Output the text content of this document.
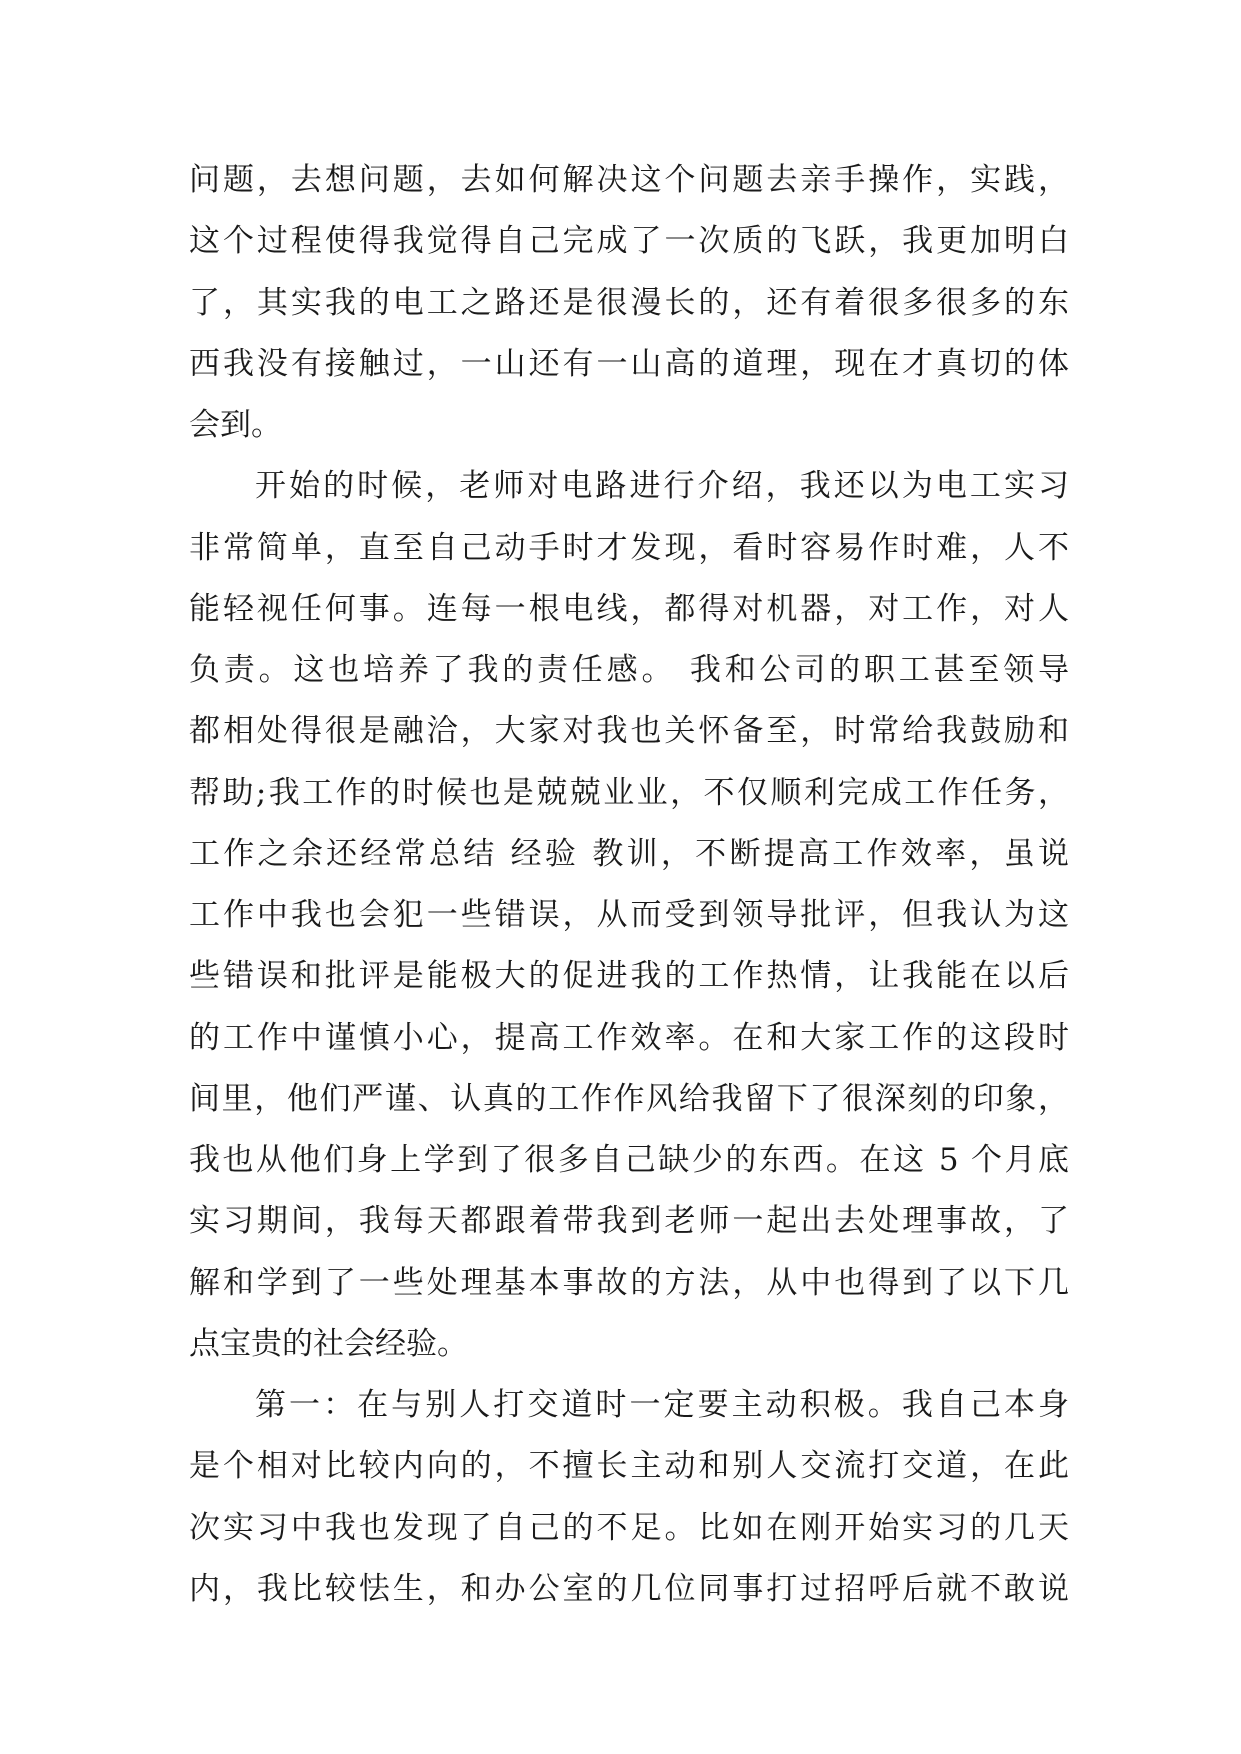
问题，去想问题，去如何解决这个问题去亲手操作，实践，
这个过程使得我觉得自己完成了一次质的飞跃，我更加明白
了，其实我的电工之路还是很漫长的，还有着很多很多的东
西我没有接触过，一山还有一山高的道理，现在才真切的体
会到。
开始的时候，老师对电路进行介绍，我还以为电工实习
非常简单，直至自己动手时才发现，看时容易作时难，人不
能轻视任何事。连每一根电线，都得对机器，对工作，对人
负责。这也培养了我的责任感。 我和公司的职工甚至领导
都相处得很是融洽，大家对我也关怀备至，时常给我鼓励和
帮助;我工作的时候也是兢兢业业，不仅顺利完成工作任务，
工作之余还经常总结 经验 教训，不断提高工作效率，虽说
工作中我也会犯一些错误，从而受到领导批评，但我认为这
些错误和批评是能极大的促进我的工作热情，让我能在以后
的工作中谨慎小心，提高工作效率。在和大家工作的这段时
间里，他们严谨、认真的工作作风给我留下了很深刻的印象，
我也从他们身上学到了很多自己缺少的东西。在这 5 个月底
实习期间，我每天都跟着带我到老师一起出去处理事故，了
解和学到了一些处理基本事故的方法，从中也得到了以下几
点宝贵的社会经验。
第一：在与别人打交道时一定要主动积极。我自己本身
是个相对比较内向的，不擅长主动和别人交流打交道，在此
次实习中我也发现了自己的不足。比如在刚开始实习的几天
内，我比较怯生，和办公室的几位同事打过招呼后就不敢说
